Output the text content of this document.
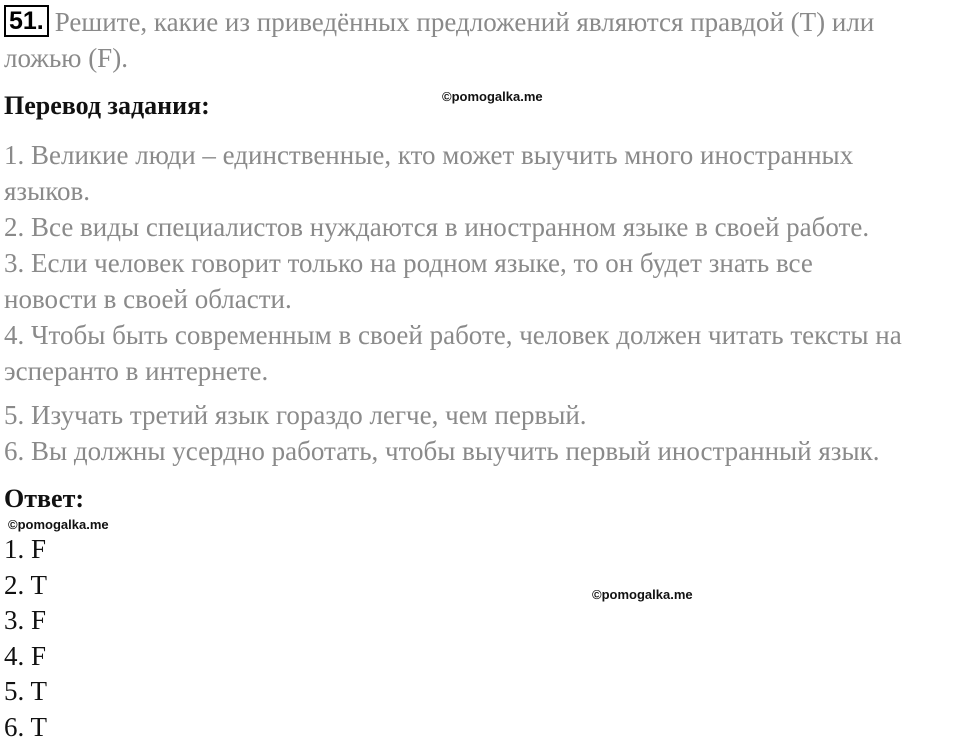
51. Решите, какие из приведённых предложений являются правдой (T) или
ложью (F).
Перевод задания:	©pomogalka.me
1. Великие люди – единственные, кто может выучить много иностранных
языков.
2. Все виды специалистов нуждаются в иностранном языке в своей работе.
3. Если человек говорит только на родном языке, то он будет знать все
новости в своей области.
4. Чтобы быть современным в своей работе, человек должен читать тексты на
эсперанто в интернете.
5. Изучать третий язык гораздо легче, чем первый.
6. Вы должны усердно работать, чтобы выучить первый иностранный язык.
Ответ:
©pomogalka.me
1. F
2. T
3. F
4. F
5. T
6. T
©pomogalka.me
